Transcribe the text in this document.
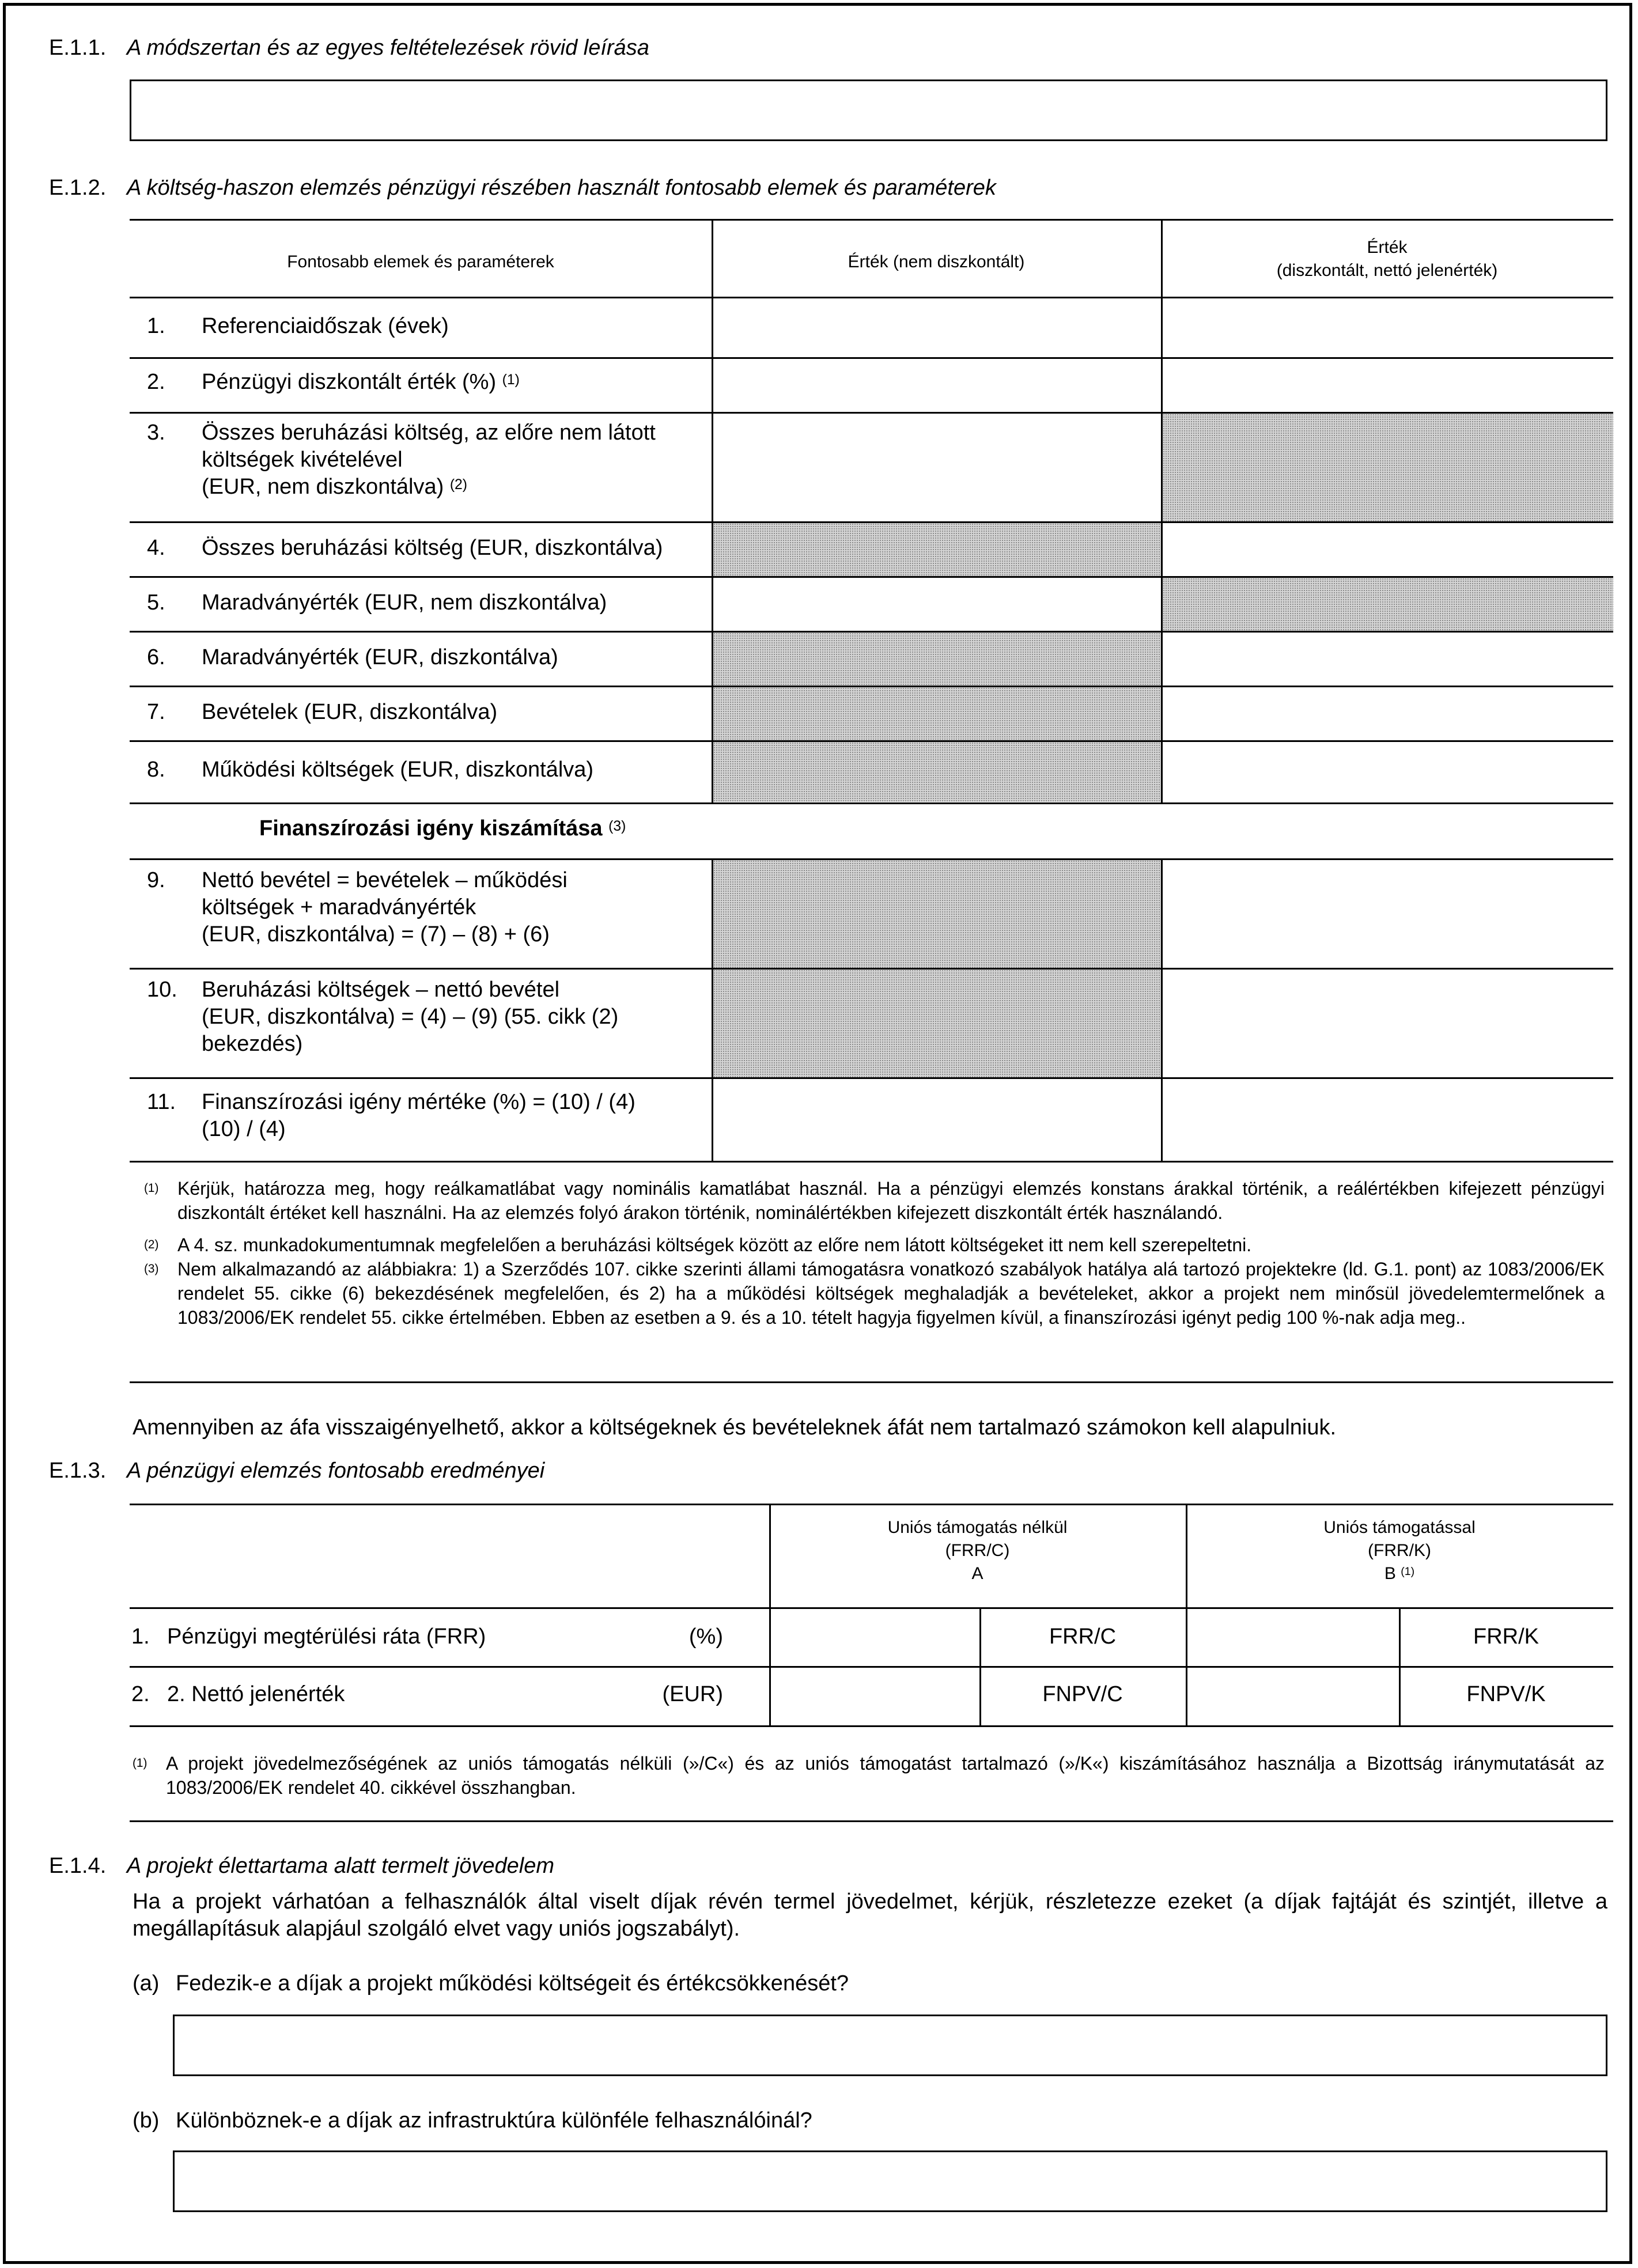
E.1.1. A módszertan és az egyes feltételezések rövid leírása
E.1.2. A költség-haszon elemzés pénzügyi részében használt fontosabb elemek és paraméterek
Fontosabb elemek és paraméterek	Érték (nem diszkontált)
Érték
(diszkontált, nettó jelenérték)
1. Referenciaidőszak (évek)
2. Pénzügyi diszkontált érték (%) $^{(1)}$
3. Összes beruházási költség, az előre nem látott
költségek kivételével
(EUR, nem diszkontálva) $^{(2)}$
4. Összes beruházási költség (EUR, diszkontálva)
5. Maradványérték (EUR, nem diszkontálva)
6. Maradványérték (EUR, diszkontálva)
7. Bevételek (EUR, diszkontálva)
8. Működési költségek (EUR, diszkontálva)
Finanszírozási igény kiszámítása $^{(3)}$
9. Nettó bevétel = bevételek – működési
költségek + maradványérték
(EUR, diszkontálva) = (7) – (8) + (6)
10. Beruházási költségek – nettó bevétel
(EUR, diszkontálva) = (4) – (9) (55. cikk (2)
bekezdés)
11. Finanszírozási igény mértéke (%) = (10) / (4)
(10) / (4)
(1) Kérjük, határozza meg, hogy reálkamatlábat vagy nominális kamatlábat használ. Ha a pénzügyi elemzés konstans árakkal történik, a reálértékben kifejezett pénzügyi diszkontált értéket kell használni. Ha az elemzés folyó árakon történik, nominálértékben kifejezett diszkontált érték használandó.
(2) A 4. sz. munkadokumentumnak megfelelően a beruházási költségek között az előre nem látott költségeket itt nem kell szerepeltetni.
(3) Nem alkalmazandó az alábbiakra: 1) a Szerződés 107. cikke szerinti állami támogatásra vonatkozó szabályok hatálya alá tartozó projektekre (ld. G.1. pont) az 1083/2006/EK rendelet 55. cikke (6) bekezdésének megfelelően, és 2) ha a működési költségek meghaladják a bevételeket, akkor a projekt nem minősül jövedelemtermelőnek a 1083/2006/EK rendelet 55. cikke értelmében. Ebben az esetben a 9. és a 10. tételt hagyja figyelmen kívül, a finanszírozási igényt pedig 100 %-nak adja meg..
Amennyiben az áfa visszaigényelhető, akkor a költségeknek és bevételeknek áfát nem tartalmazó számokon kell alapulniuk.
E.1.3. A pénzügyi elemzés fontosabb eredményei
Uniós támogatás nélkül
(FRR/C)
A
Uniós támogatással
(FRR/K)
B $^{(1)}$
1. Pénzügyi megtérülési ráta (FRR)	(%)	FRR/C	FRR/K
2. 2. Nettó jelenérték	(EUR)	FNPV/C	FNPV/K
(1) A projekt jövedelmezőségének az uniós támogatás nélküli (»/C«) és az uniós támogatást tartalmazó (»/K«) kiszámításához használja a Bizottság iránymutatását az 1083/2006/EK rendelet 40. cikkével összhangban.
E.1.4. A projekt élettartama alatt termelt jövedelem
Ha a projekt várhatóan a felhasználók által viselt díjak révén termel jövedelmet, kérjük, részletezze ezeket (a díjak fajtáját és szintjét, illetve a megállapításuk alapjául szolgáló elvet vagy uniós jogszabályt).
(a) Fedezik-e a díjak a projekt működési költségeit és értékcsökkenését?
(b) Különböznek-e a díjak az infrastruktúra különféle felhasználóinál?
